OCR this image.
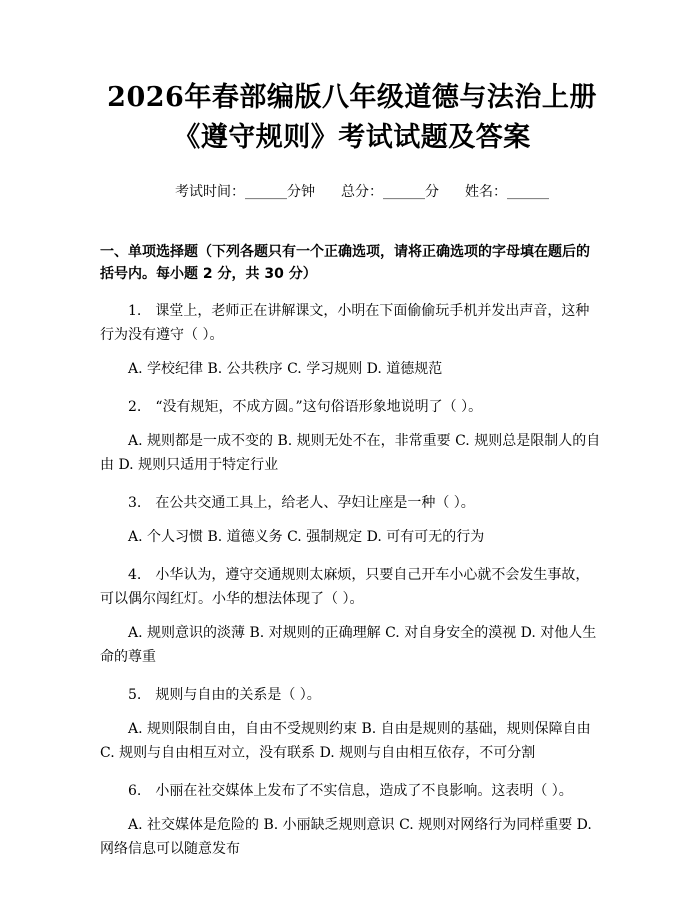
2026年春部编版八年级道德与法治上册《遵守规则》考试试题及答案
考试时间：______分钟 总分：______分 姓名：______
一、单项选择题（下列各题只有一个正确选项，请将正确选项的字母填在题后的括号内。每小题 2 分，共 30 分）

1.　课堂上，老师正在讲解课文，小明在下面偷偷玩手机并发出声音，这种行为没有遵守（ ）。

A. 学校纪律 B. 公共秩序 C. 学习规则 D. 道德规范

2.　“没有规矩，不成方圆。”这句俗语形象地说明了（ ）。

A. 规则都是一成不变的 B. 规则无处不在，非常重要 C. 规则总是限制人的自由 D. 规则只适用于特定行业

3.　在公共交通工具上，给老人、孕妇让座是一种（ ）。

A. 个人习惯 B. 道德义务 C. 强制规定 D. 可有可无的行为

4.　小华认为，遵守交通规则太麻烦，只要自己开车小心就不会发生事故，可以偶尔闯红灯。小华的想法体现了（ ）。

A. 规则意识的淡薄 B. 对规则的正确理解 C. 对自身安全的漠视 D. 对他人生命的尊重

5.　规则与自由的关系是（ ）。

A. 规则限制自由，自由不受规则约束 B. 自由是规则的基础，规则保障自由 C. 规则与自由相互对立，没有联系 D. 规则与自由相互依存，不可分割

6.　小丽在社交媒体上发布了不实信息，造成了不良影响。这表明（ ）。

A. 社交媒体是危险的 B. 小丽缺乏规则意识 C. 规则对网络行为同样重要 D. 网络信息可以随意发布
